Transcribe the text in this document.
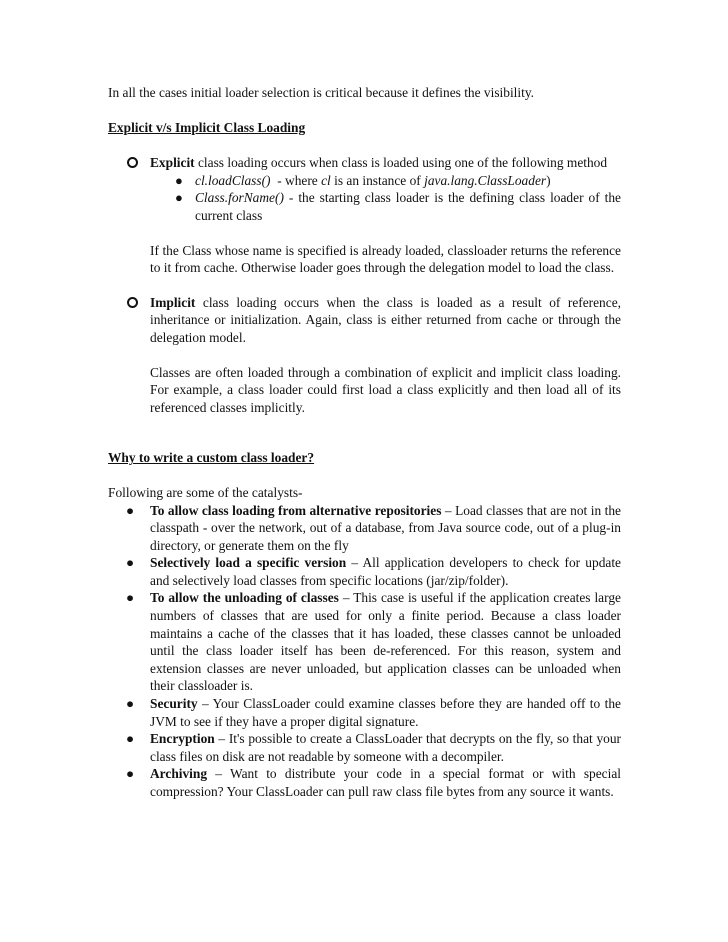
In all the cases initial loader selection is critical because it defines the visibility.

Explicit v/s Implicit Class Loading

Explicit class loading occurs when class is loaded using one of the following method
● cl.loadClass()  - where cl is an instance of java.lang.ClassLoader)
● Class.forName() - the starting class loader is the defining class loader of the current class

If the Class whose name is specified is already loaded, classloader returns the reference to it from cache. Otherwise loader goes through the delegation model to load the class.

Implicit class loading occurs when the class is loaded as a result of reference, inheritance or initialization. Again, class is either returned from cache or through the delegation model.

Classes are often loaded through a combination of explicit and implicit class loading. For example, a class loader could first load a class explicitly and then load all of its referenced classes implicitly.

Why to write a custom class loader?

Following are some of the catalysts-

● To allow class loading from alternative repositories – Load classes that are not in the classpath - over the network, out of a database, from Java source code, out of a plug-in directory, or generate them on the fly
● Selectively load a specific version – All application developers to check for update and selectively load classes from specific locations (jar/zip/folder).
● To allow the unloading of classes – This case is useful if the application creates large numbers of classes that are used for only a finite period. Because a class loader maintains a cache of the classes that it has loaded, these classes cannot be unloaded until the class loader itself has been de-referenced. For this reason, system and extension classes are never unloaded, but application classes can be unloaded when their classloader is.
● Security – Your ClassLoader could examine classes before they are handed off to the JVM to see if they have a proper digital signature.
● Encryption – It's possible to create a ClassLoader that decrypts on the fly, so that your class files on disk are not readable by someone with a decompiler.
● Archiving – Want to distribute your code in a special format or with special compression? Your ClassLoader can pull raw class file bytes from any source it wants.
